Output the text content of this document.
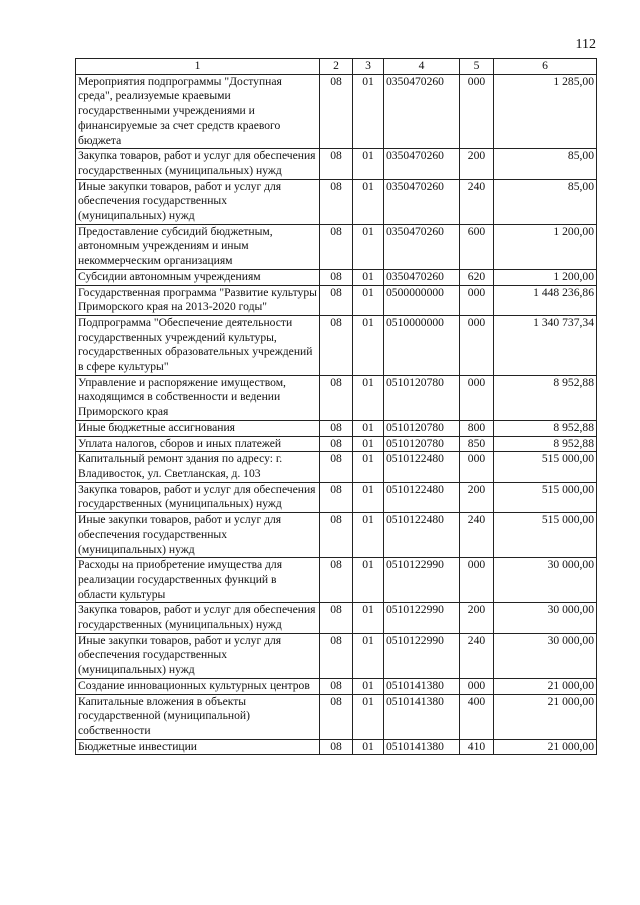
112
1	2	3	4	5	6
Мероприятия подпрограммы "Доступная среда", реализуемые краевыми государственными учреждениями и финансируемые за счет средств краевого бюджета	08	01	0350470260	000	1 285,00
Закупка товаров, работ и услуг для обеспечения государственных (муниципальных) нужд	08	01	0350470260	200	85,00
Иные закупки товаров, работ и услуг для обеспечения государственных (муниципальных) нужд	08	01	0350470260	240	85,00
Предоставление субсидий бюджетным, автономным учреждениям и иным некоммерческим организациям	08	01	0350470260	600	1 200,00
Субсидии автономным учреждениям	08	01	0350470260	620	1 200,00
Государственная программа "Развитие культуры Приморского края на 2013-2020 годы"	08	01	0500000000	000	1 448 236,86
Подпрограмма "Обеспечение деятельности государственных учреждений культуры, государственных образовательных учреждений в сфере культуры"	08	01	0510000000	000	1 340 737,34
Управление и распоряжение имуществом, находящимся в собственности и ведении Приморского края	08	01	0510120780	000	8 952,88
Иные бюджетные ассигнования	08	01	0510120780	800	8 952,88
Уплата налогов, сборов и иных платежей	08	01	0510120780	850	8 952,88
Капитальный ремонт здания по адресу: г. Владивосток, ул. Светланская, д. 103	08	01	0510122480	000	515 000,00
Закупка товаров, работ и услуг для обеспечения государственных (муниципальных) нужд	08	01	0510122480	200	515 000,00
Иные закупки товаров, работ и услуг для обеспечения государственных (муниципальных) нужд	08	01	0510122480	240	515 000,00
Расходы на приобретение имущества для реализации государственных функций в области культуры	08	01	0510122990	000	30 000,00
Закупка товаров, работ и услуг для обеспечения государственных (муниципальных) нужд	08	01	0510122990	200	30 000,00
Иные закупки товаров, работ и услуг для обеспечения государственных (муниципальных) нужд	08	01	0510122990	240	30 000,00
Создание инновационных культурных центров	08	01	0510141380	000	21 000,00
Капитальные вложения в объекты государственной (муниципальной) собственности	08	01	0510141380	400	21 000,00
Бюджетные инвестиции	08	01	0510141380	410	21 000,00
